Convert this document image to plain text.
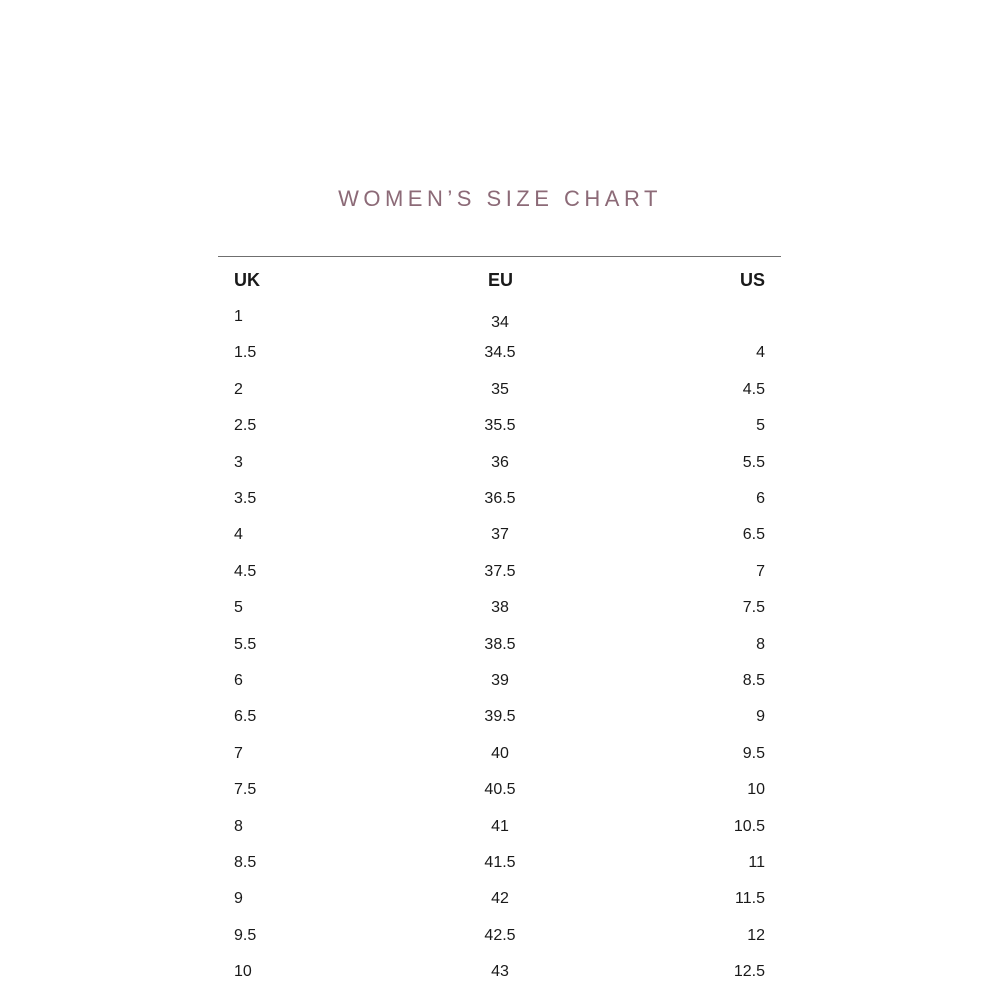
WOMEN’S SIZE CHART
UK	EU	US
1	34
1.5	34.5	4
2	35	4.5
2.5	35.5	5
3	36	5.5
3.5	36.5	6
4	37	6.5
4.5	37.5	7
5	38	7.5
5.5	38.5	8
6	39	8.5
6.5	39.5	9
7	40	9.5
7.5	40.5	10
8	41	10.5
8.5	41.5	11
9	42	11.5
9.5	42.5	12
10	43	12.5
